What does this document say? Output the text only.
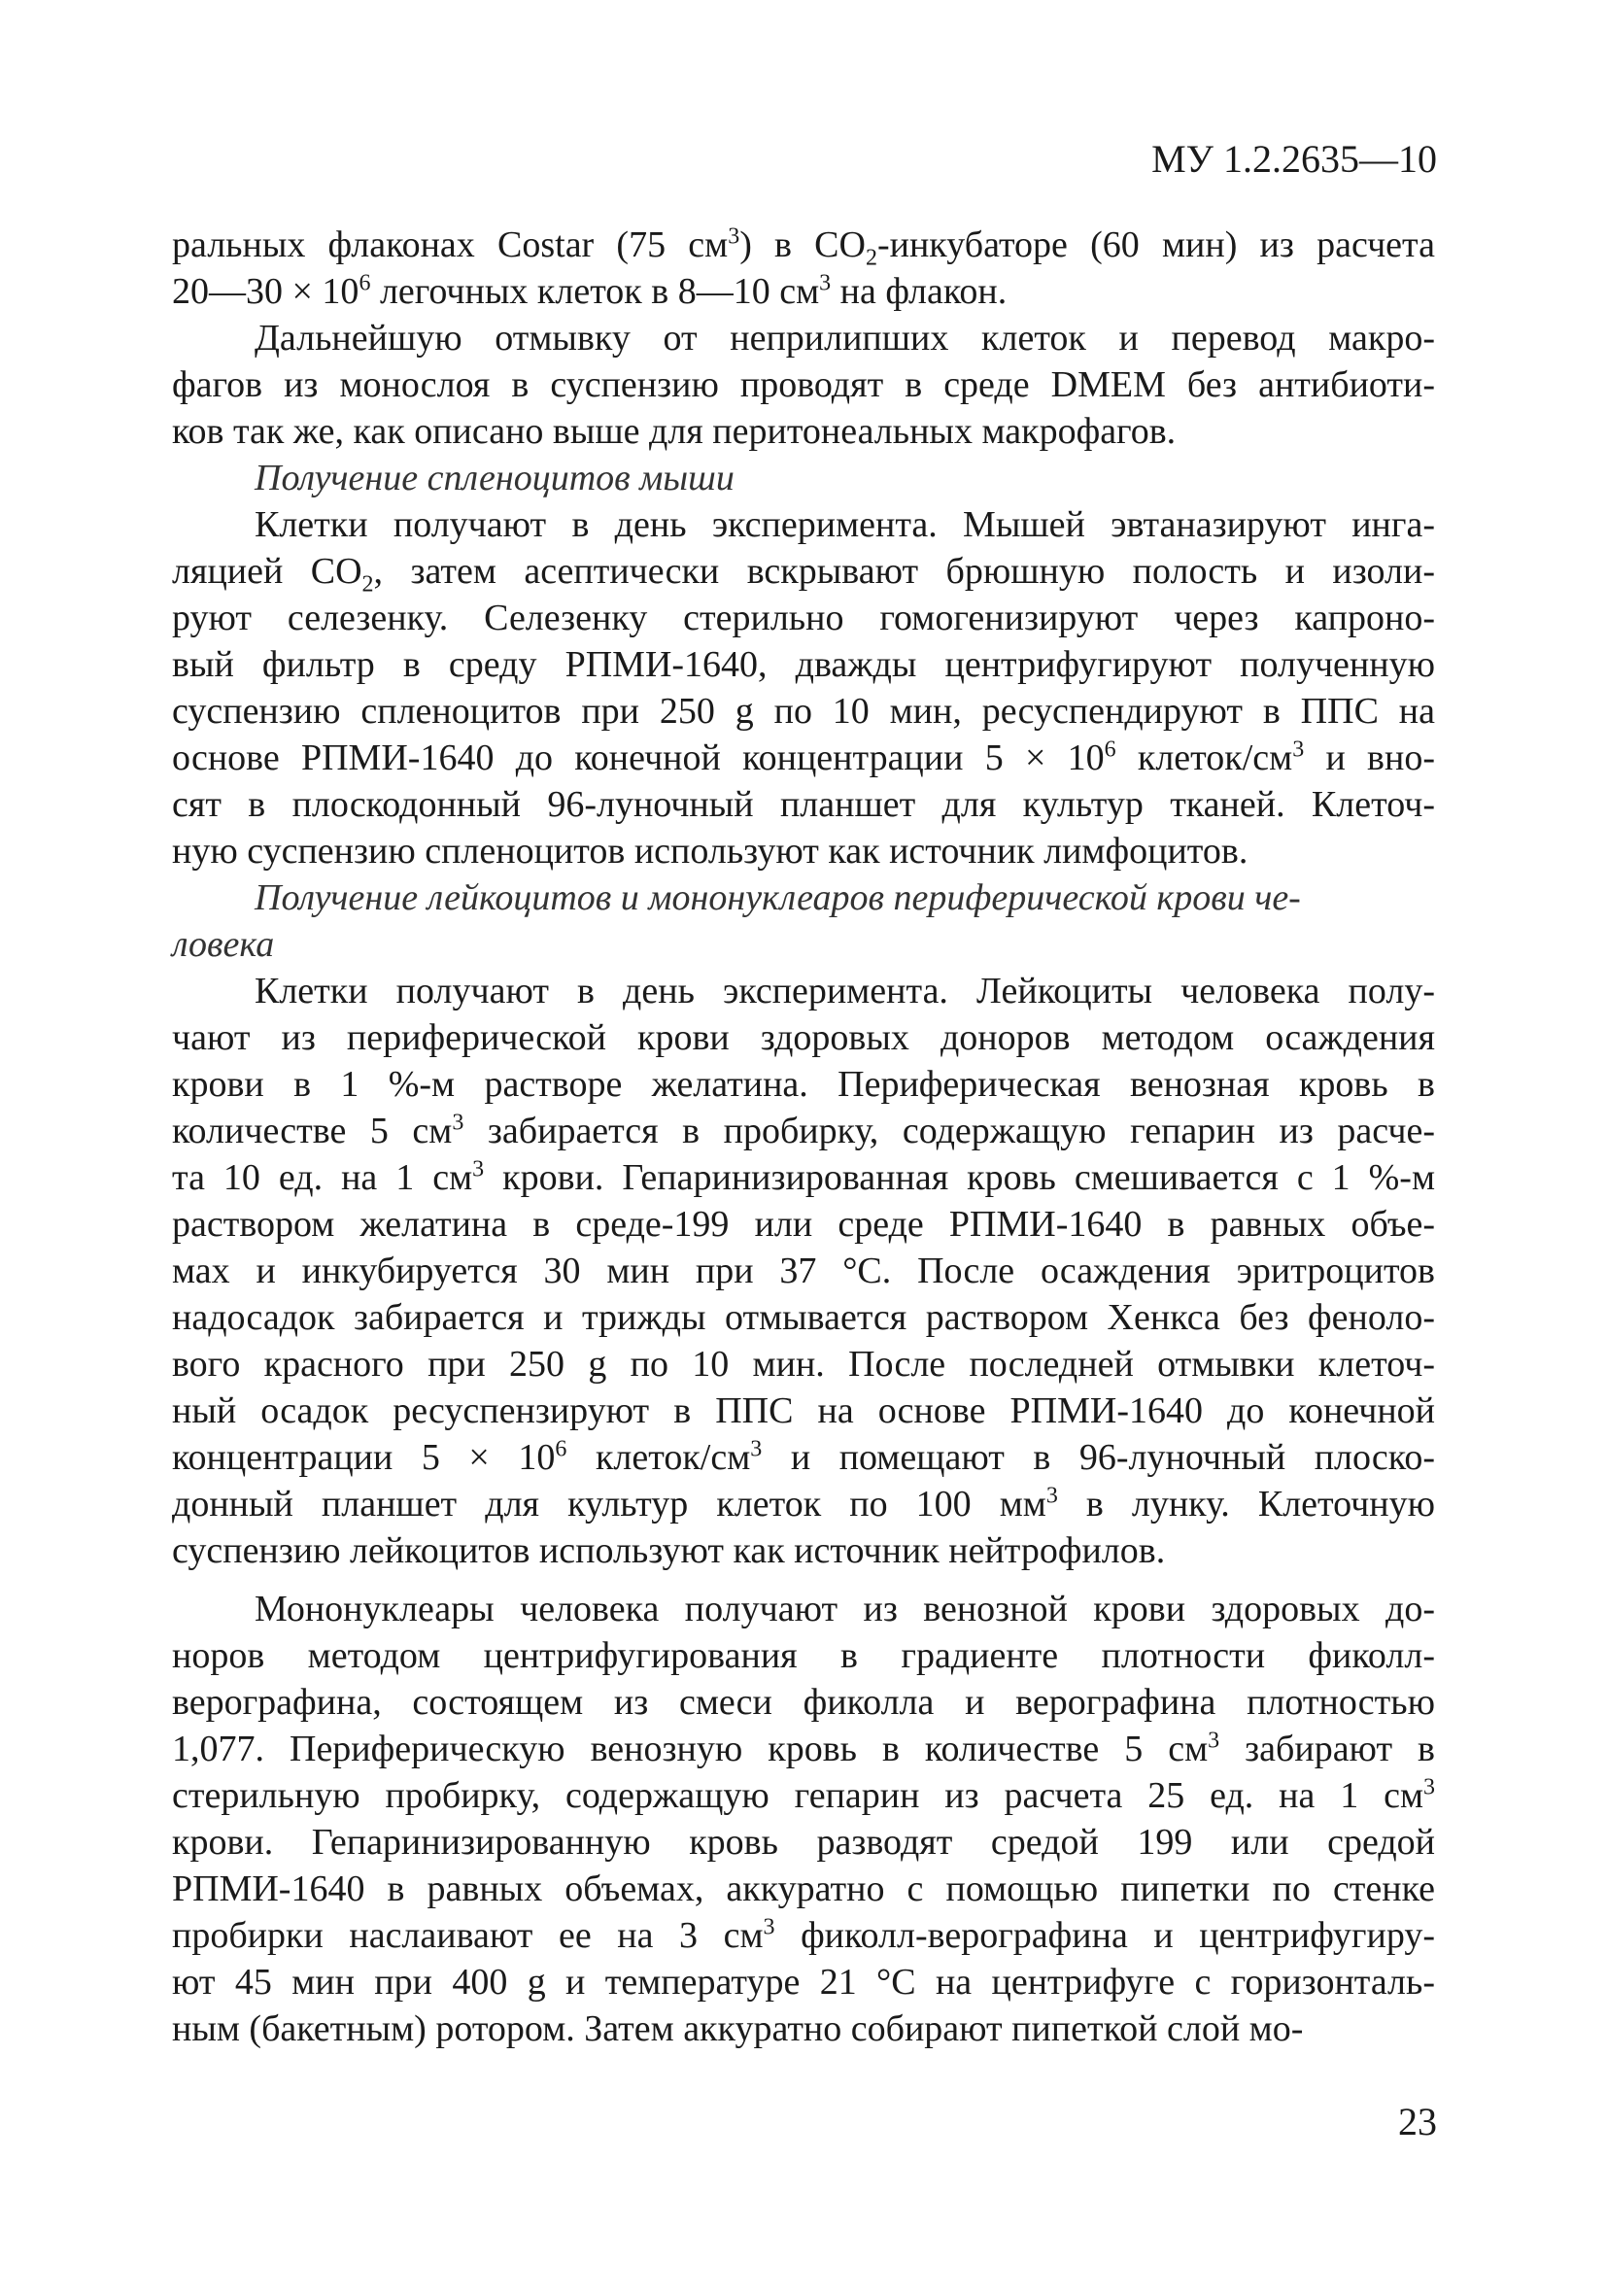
МУ 1.2.2635—10

ральных флаконах Costar (75 $см^3$) в $CO_2$-инкубаторе (60 мин) из расчета
20—30 × $10^6$ легочных клеток в 8—10 $см^3$ на флакон.
Дальнейшую отмывку от неприлипших клеток и перевод макро-
фагов из монослоя в суспензию проводят в среде DMEM без антибиоти-
ков так же, как описано выше для перитонеальных макрофагов.
Получение спленоцитов мыши
Клетки получают в день эксперимента. Мышей эвтаназируют инга-
ляцией $CO_2$, затем асептически вскрывают брюшную полость и изоли-
руют селезенку. Селезенку стерильно гомогенизируют через капроно-
вый фильтр в среду РПМИ-1640, дважды центрифугируют полученную
суспензию спленоцитов при 250 g по 10 мин, ресуспендируют в ППС на
основе РПМИ-1640 до конечной концентрации $5 \times 10^6$ клеток/$см^3$ и вно-
сят в плоскодонный 96-луночный планшет для культур тканей. Клеточ-
ную суспензию спленоцитов используют как источник лимфоцитов.
Получение лейкоцитов и мононуклеаров периферической крови че-
ловека
Клетки получают в день эксперимента. Лейкоциты человека полу-
чают из периферической крови здоровых доноров методом осаждения
крови в 1 %-м растворе желатина. Периферическая венозная кровь в
количестве 5 $см^3$ забирается в пробирку, содержащую гепарин из расче-
та 10 ед. на 1 $см^3$ крови. Гепаринизированная кровь смешивается с 1 %-м
раствором желатина в среде-199 или среде РПМИ-1640 в равных объе-
мах и инкубируется 30 мин при 37 °С. После осаждения эритроцитов
надосадок забирается и трижды отмывается раствором Хенкса без феноло-
вого красного при 250 g по 10 мин. После последней отмывки клеточ-
ный осадок ресуспензируют в ППС на основе РПМИ-1640 до конечной
концентрации $5 \times 10^6$ клеток/$см^3$ и помещают в 96-луночный плоско-
донный планшет для культур клеток по 100 $мм^3$ в лунку. Клеточную
суспензию лейкоцитов используют как источник нейтрофилов.
Мононуклеары человека получают из венозной крови здоровых до-
норов методом центрифугирования в градиенте плотности фиколл-
верографина, состоящем из смеси фиколла и верографина плотностью
1,077. Периферическую венозную кровь в количестве 5 $см^3$ забирают в
стерильную пробирку, содержащую гепарин из расчета 25 ед. на 1 $см^3$
крови. Гепаринизированную кровь разводят средой 199 или средой
РПМИ-1640 в равных объемах, аккуратно с помощью пипетки по стенке
пробирки наслаивают ее на 3 $см^3$ фиколл-верографина и центрифугиру-
ют 45 мин при 400 g и температуре 21 °С на центрифуге с горизонталь-
ным (бакетным) ротором. Затем аккуратно собирают пипеткой слой мо-

23
